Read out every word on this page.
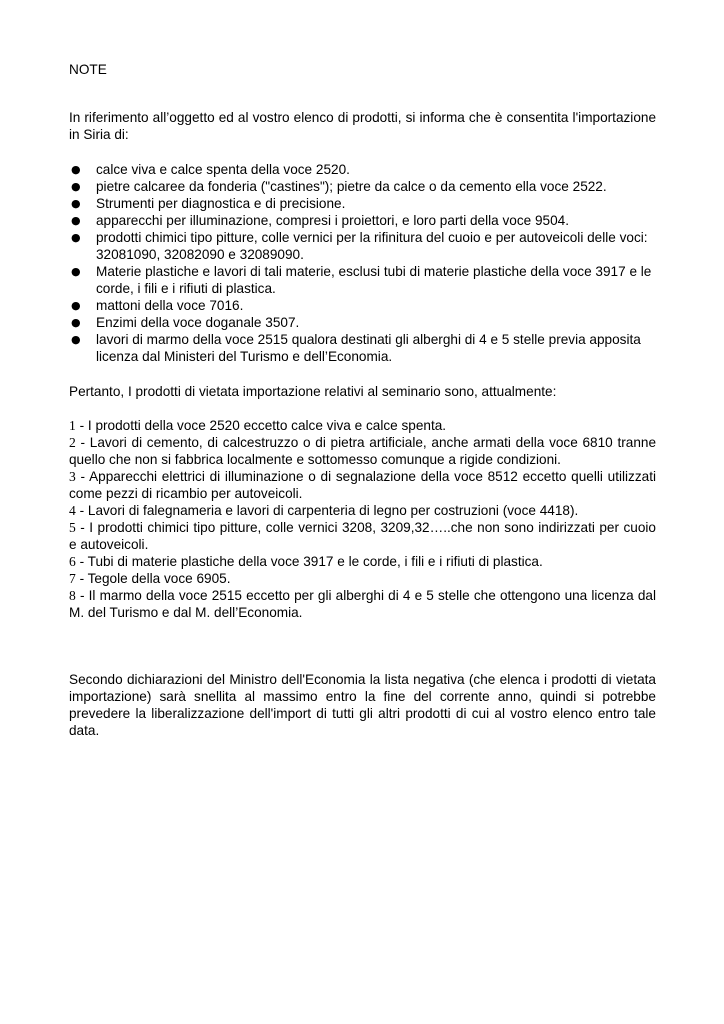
NOTE

In riferimento all’oggetto ed al vostro elenco di prodotti, si informa che è consentita l'importazione in Siria di:

● calce viva e calce spenta della voce 2520.
● pietre calcaree da fonderia ("castines"); pietre da calce o da cemento ella voce 2522.
● Strumenti per diagnostica e di precisione.
● apparecchi per illuminazione, compresi i proiettori, e loro parti della voce 9504.
● prodotti chimici tipo pitture, colle vernici per la rifinitura del cuoio e per autoveicoli delle voci: 32081090, 32082090 e 32089090.
● Materie plastiche e lavori di tali materie, esclusi tubi di materie plastiche della voce 3917 e le corde, i fili e i rifiuti di plastica.
● mattoni della voce 7016.
● Enzimi della voce doganale 3507.
● lavori di marmo della voce 2515 qualora destinati gli alberghi di 4 e 5 stelle previa apposita licenza dal Ministeri del Turismo e dell’Economia.

Pertanto, I prodotti di vietata importazione relativi al seminario sono, attualmente:

1 - I prodotti della voce 2520 eccetto calce viva e calce spenta.
2 - Lavori di cemento, di calcestruzzo o di pietra artificiale, anche armati della voce 6810 tranne quello che non si fabbrica localmente e sottomesso comunque a rigide condizioni.
3 - Apparecchi elettrici di illuminazione o di segnalazione della voce 8512 eccetto quelli utilizzati come pezzi di ricambio per autoveicoli.
4 - Lavori di falegnameria e lavori di carpenteria di legno per costruzioni (voce 4418).
5 - I prodotti chimici tipo pitture, colle vernici 3208, 3209,32…..che non sono indirizzati per cuoio e autoveicoli.
6 - Tubi di materie plastiche della voce 3917 e le corde, i fili e i rifiuti di plastica.
7 - Tegole della voce 6905.
8 - Il marmo della voce 2515 eccetto per gli alberghi di 4 e 5 stelle che ottengono una licenza dal M. del Turismo e dal M. dell’Economia.

Secondo dichiarazioni del Ministro dell'Economia la lista negativa (che elenca i prodotti di vietata importazione) sarà snellita al massimo entro la fine del corrente anno, quindi si potrebbe prevedere la liberalizzazione dell'import di tutti gli altri prodotti di cui al vostro elenco entro tale data.
